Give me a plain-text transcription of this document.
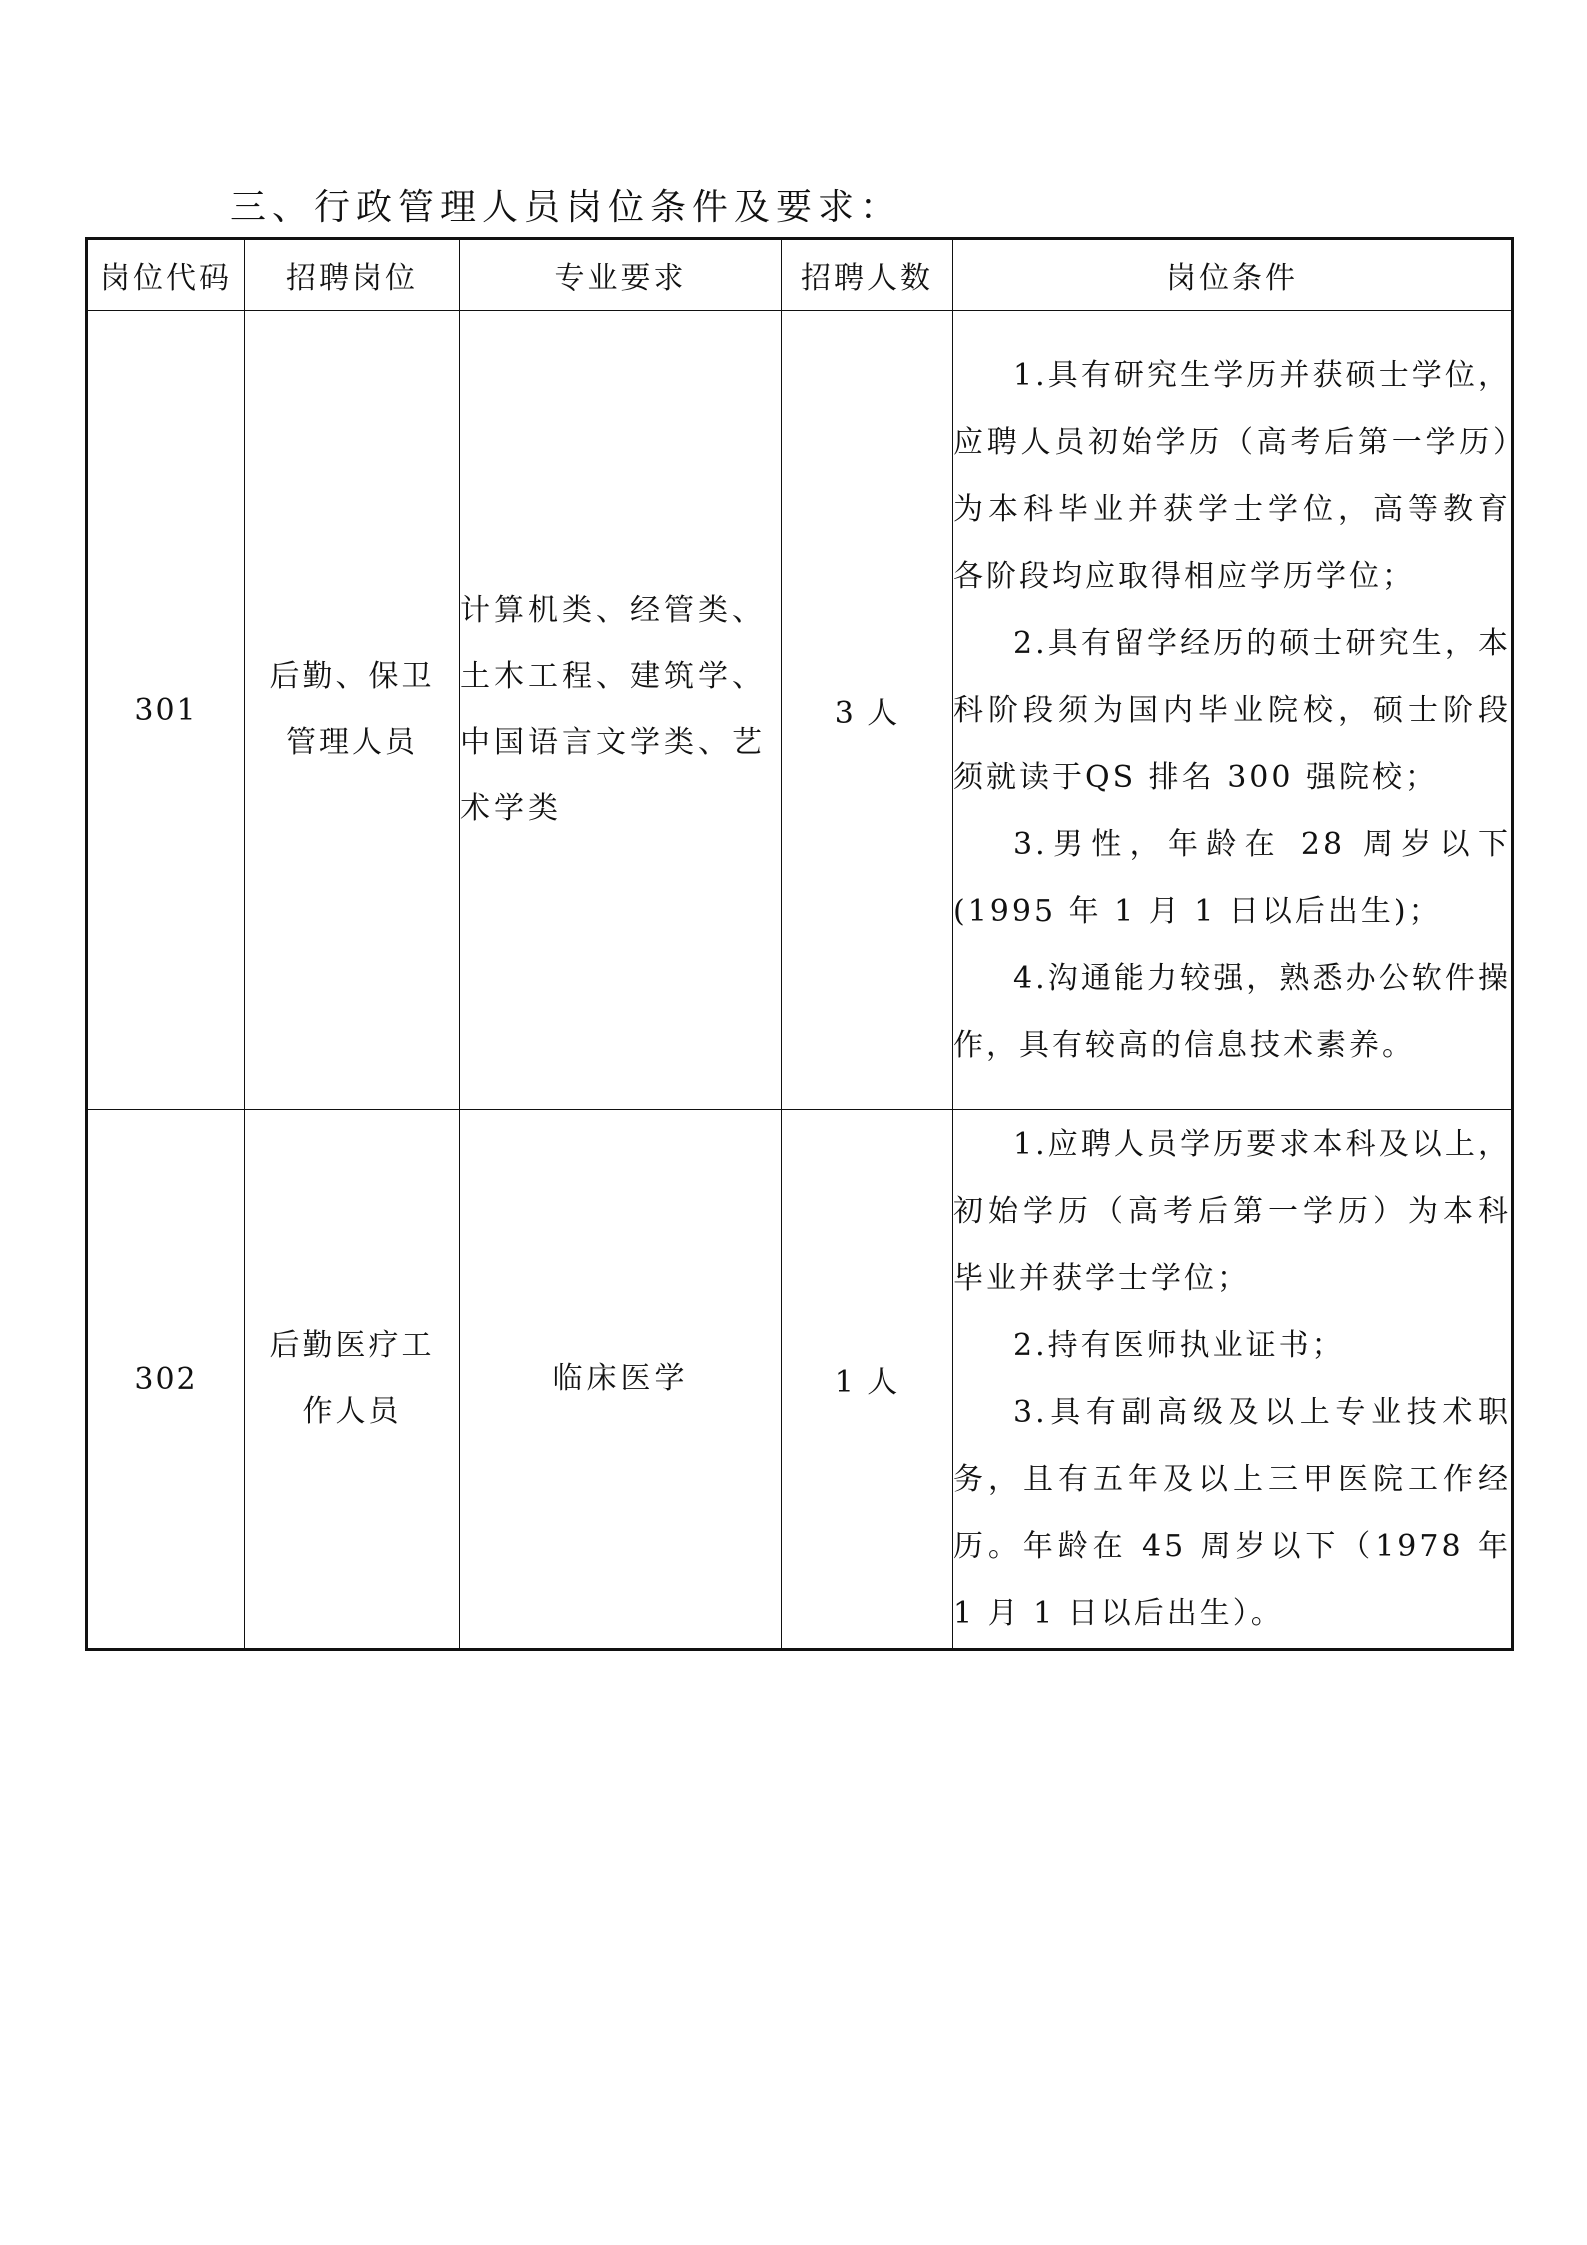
三、行政管理人员岗位条件及要求：
岗位代码	招聘岗位	专业要求	招聘人数	岗位条件
301	后勤、保卫管理人员	计算机类、经管类、土木工程、建筑学、中国语言文学类、艺术学类	3 人	1.具有研究生学历并获硕士学位，应聘人员初始学历（高考后第一学历）为本科毕业并获学士学位，高等教育各阶段均应取得相应学历学位；

2.具有留学经历的硕士研究生，本科阶段须为国内毕业院校，硕士阶段须就读于QS 排名 300 强院校；

3.男性，年龄在 28 周岁以下(1995 年 1 月 1 日以后出生)；

4.沟通能力较强，熟悉办公软件操作，具有较高的信息技术素养。

302	后勤医疗工作人员	临床医学	1 人	1.应聘人员学历要求本科及以上，初始学历（高考后第一学历）为本科毕业并获学士学位；

2.持有医师执业证书；

3.具有副高级及以上专业技术职务，且有五年及以上三甲医院工作经历。年龄在 45 周岁以下（1978 年 1 月 1 日以后出生）。
